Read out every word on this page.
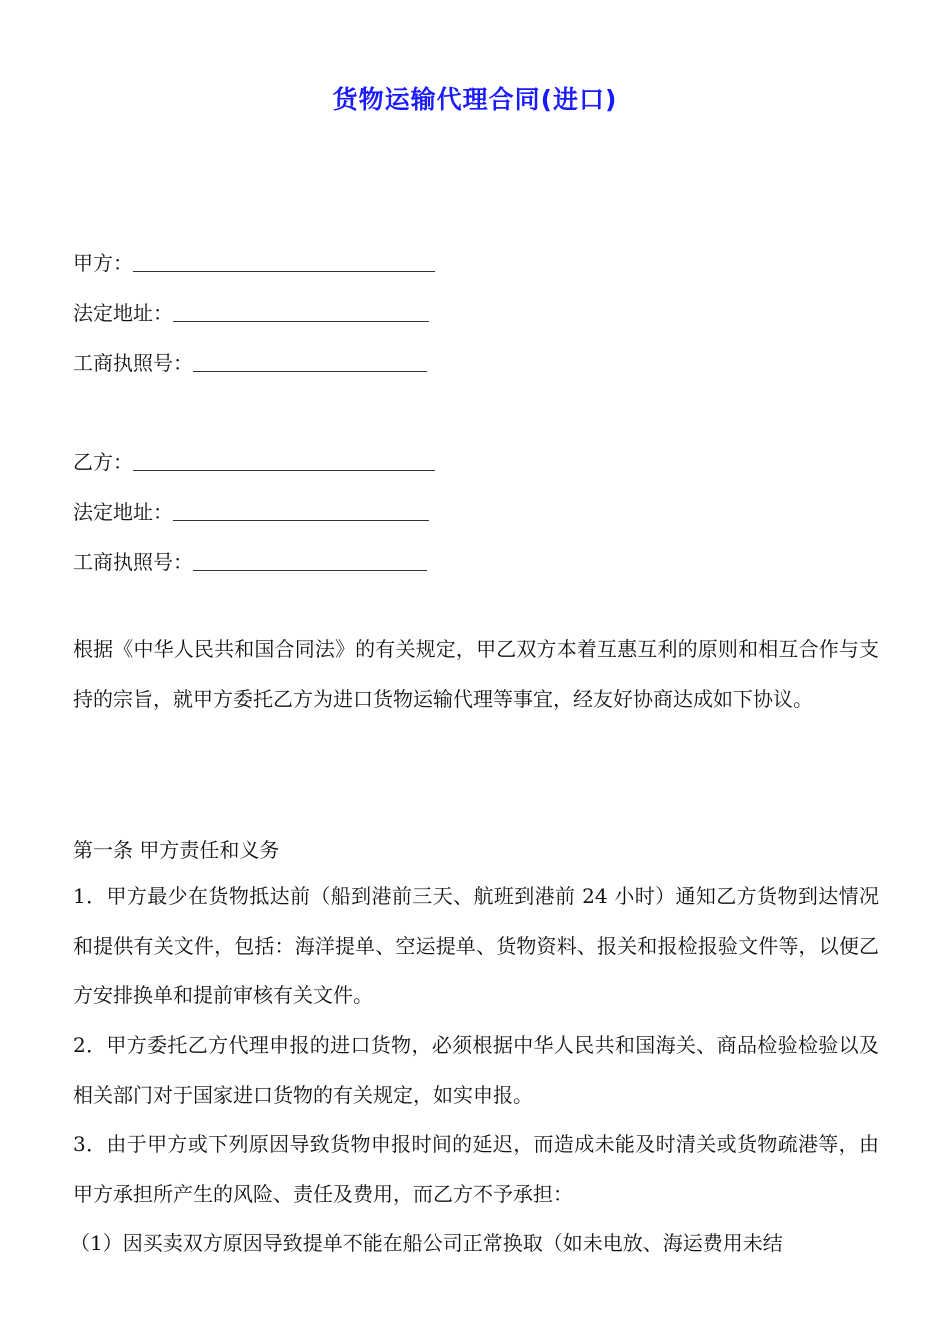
货物运输代理合同(进口)
甲方：
法定地址：
工商执照号：
乙方：
法定地址：
工商执照号：

根据《中华人民共和国合同法》的有关规定，甲乙双方本着互惠互利的原则和相互合作与支持的宗旨，就甲方委托乙方为进口货物运输代理等事宜，经友好协商达成如下协议。

第一条 甲方责任和义务

1．甲方最少在货物抵达前（船到港前三天、航班到港前 24 小时）通知乙方货物到达情况和提供有关文件，包括：海洋提单、空运提单、货物资料、报关和报检报验文件等，以便乙方安排换单和提前审核有关文件。

2．甲方委托乙方代理申报的进口货物，必须根据中华人民共和国海关、商品检验检验以及相关部门对于国家进口货物的有关规定，如实申报。

3．由于甲方或下列原因导致货物申报时间的延迟，而造成未能及时清关或货物疏港等，由甲方承担所产生的风险、责任及费用，而乙方不予承担：

（1）因买卖双方原因导致提单不能在船公司正常换取（如未电放、海运费用未结
